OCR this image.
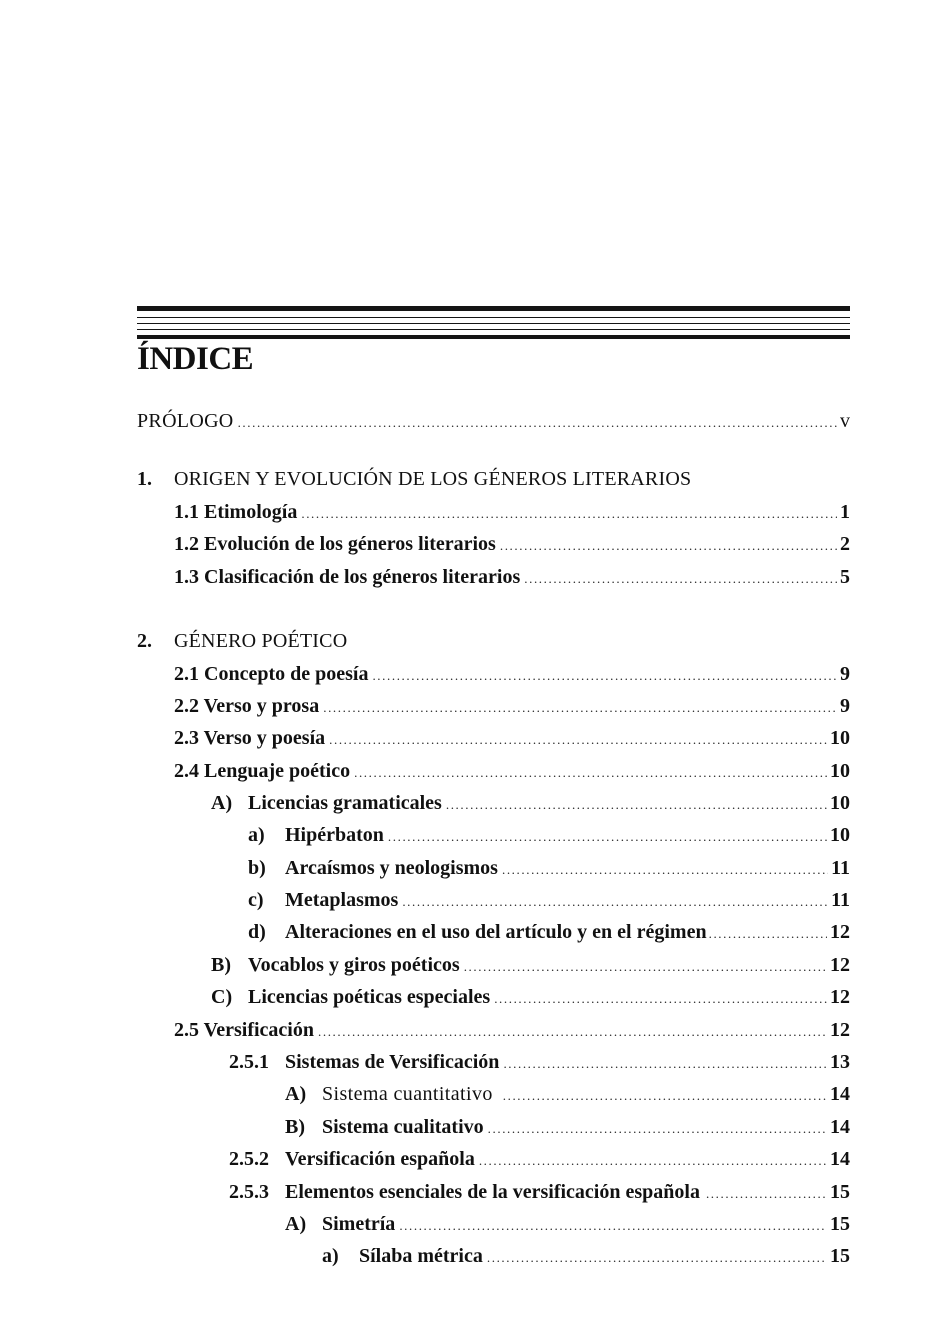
ÍNDICE
PRÓLOGO .....	v
1.	ORIGEN Y EVOLUCIÓN DE LOS GÉNEROS LITERARIOS
1.1 Etimología .....	1
1.2 Evolución de los géneros literarios .....	2
1.3 Clasificación de los géneros literarios .....	5
2.	GÉNERO POÉTICO
2.1 Concepto de poesía .....	9
2.2 Verso y prosa .....	9
2.3 Verso y poesía .....	10
2.4 Lenguaje poético .....	10
A) Licencias gramaticales .....	10
a)	Hipérbaton .....	10
b) Arcaísmos y neologismos .....	11
c)	Metaplasmos .....	11
d) Alteraciones en el uso del artículo y en el régimen .....	12
B) Vocablos y giros poéticos .....	12
C) Licencias poéticas especiales .....	12
2.5 Versificación .....	12
2.5.1 Sistemas de Versificación .....	13
A) Sistema cuantitativo .....	14
B) Sistema cualitativo .....	14
2.5.2 Versificación española .....	14
2.5.3 Elementos esenciales de la versificación española .....	15
A) Simetría .....	15
a)	Sílaba métrica .....	15
